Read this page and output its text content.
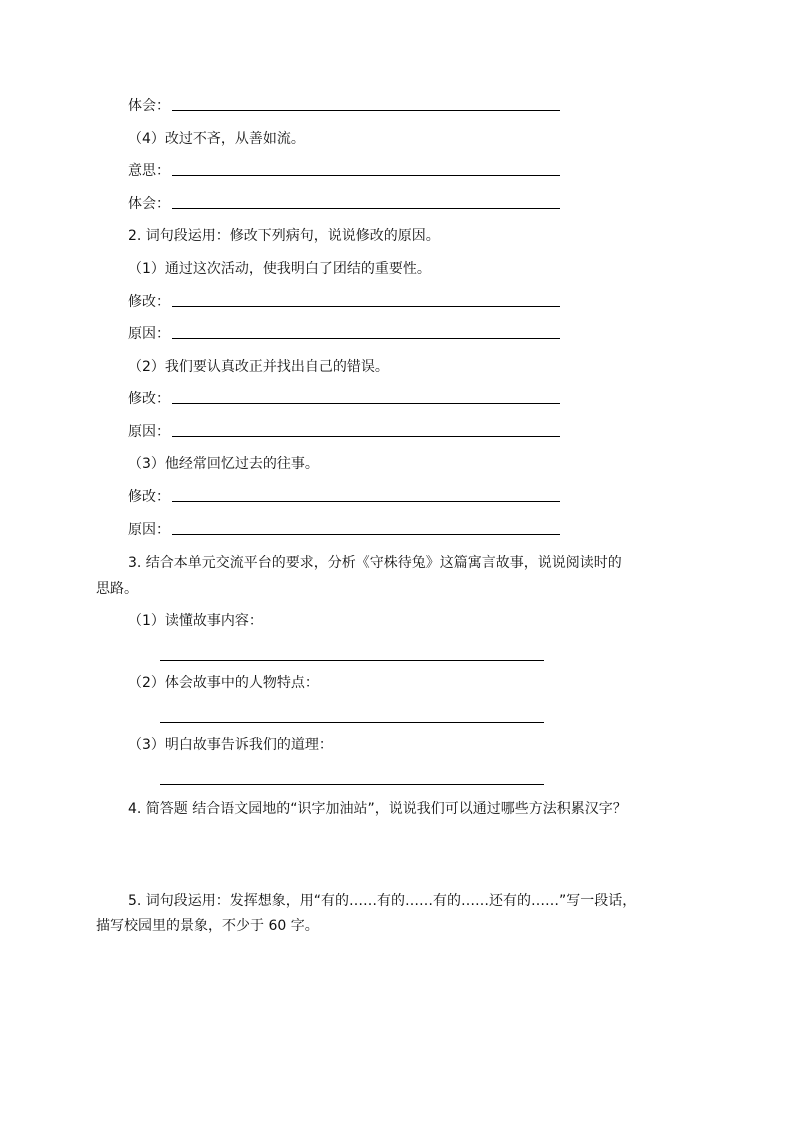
体会：
（4）改过不吝，从善如流。
意思：
体会：
2. 词句段运用：修改下列病句，说说修改的原因。
（1）通过这次活动，使我明白了团结的重要性。
修改：
原因：
（2）我们要认真改正并找出自己的错误。
修改：
原因：
（3）他经常回忆过去的往事。
修改：
原因：
3. 结合本单元交流平台的要求，分析《守株待兔》这篇寓言故事，说说阅读时的
思路。
（1）读懂故事内容：
（2）体会故事中的人物特点：
（3）明白故事告诉我们的道理：
4. 简答题 结合语文园地的“识字加油站”，说说我们可以通过哪些方法积累汉字？
5. 词句段运用：发挥想象，用“有的……有的……有的……还有的……”写一段话，
描写校园里的景象，不少于 60 字。
